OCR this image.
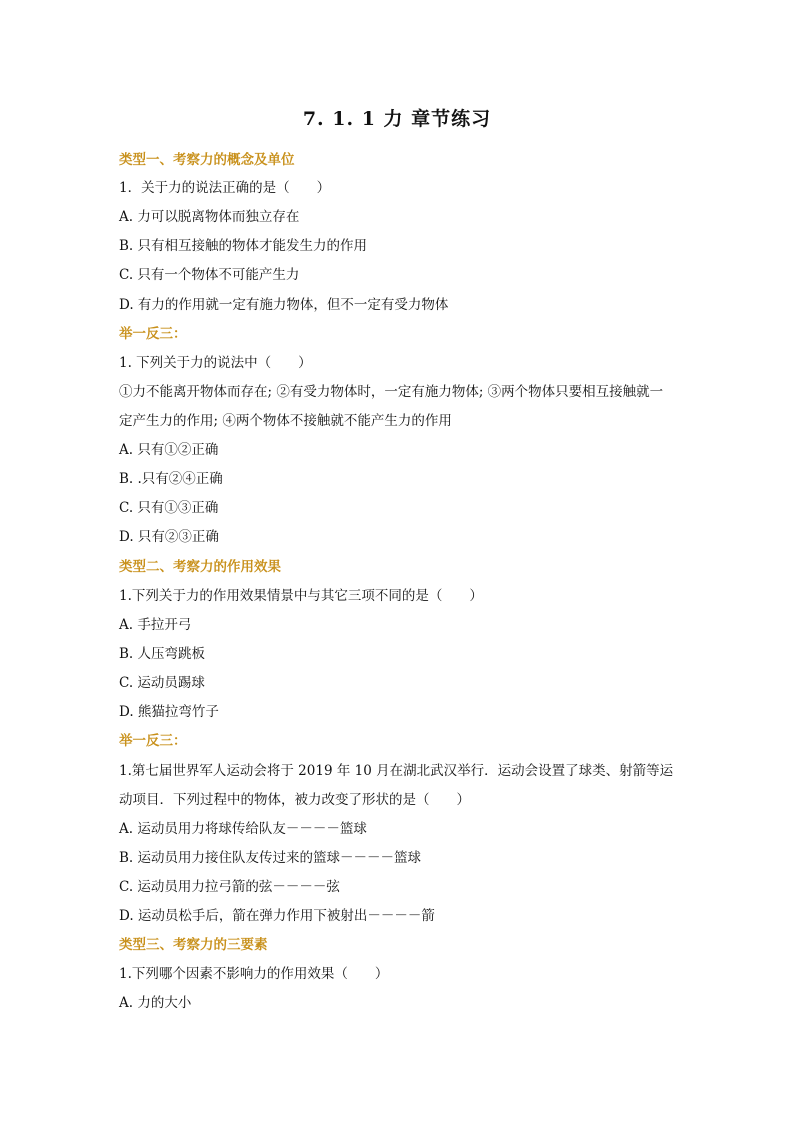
7. 1. 1 力 章节练习
类型一、考察力的概念及单位
1．关于力的说法正确的是（　　）
A. 力可以脱离物体而独立存在
B. 只有相互接触的物体才能发生力的作用
C. 只有一个物体不可能产生力
D. 有力的作用就一定有施力物体，但不一定有受力物体
举一反三：
1. 下列关于力的说法中（　　）
①力不能离开物体而存在; ②有受力物体时，一定有施力物体; ③两个物体只要相互接触就一
定产生力的作用; ④两个物体不接触就不能产生力的作用
A. 只有①②正确
B. .只有②④正确
C. 只有①③正确
D. 只有②③正确
类型二、考察力的作用效果
1.下列关于力的作用效果情景中与其它三项不同的是（　　）
A. 手拉开弓
B. 人压弯跳板
C. 运动员踢球
D. 熊猫拉弯竹子
举一反三：
1.第七届世界军人运动会将于 2019 年 10 月在湖北武汉举行．运动会设置了球类、射箭等运
动项目．下列过程中的物体，被力改变了形状的是（　　）
A. 运动员用力将球传给队友－－－－篮球
B. 运动员用力接住队友传过来的篮球－－－－篮球
C. 运动员用力拉弓箭的弦－－－－弦
D. 运动员松手后，箭在弹力作用下被射出－－－－箭
类型三、考察力的三要素
1.下列哪个因素不影响力的作用效果（　　）
A. 力的大小
